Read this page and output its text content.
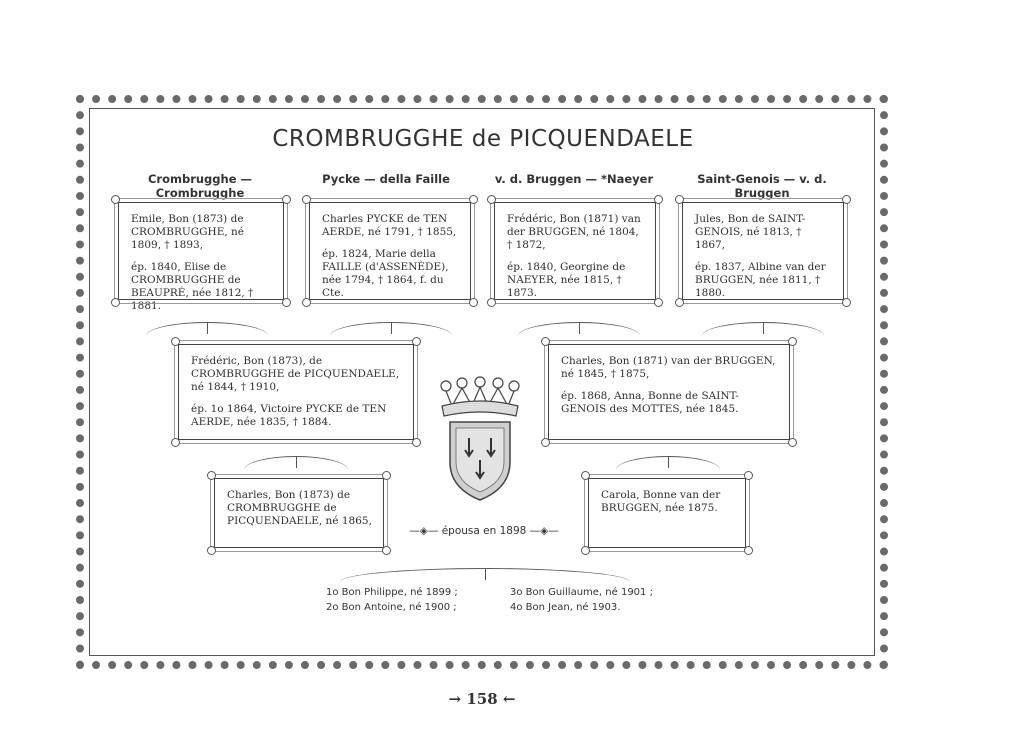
CROMBRUGGHE de PICQUENDAELE
Crombrugghe — Crombrugghe
Pycke — della Faille	v. d. Bruggen — *Naeyer	Saint-Genois — v. d. Bruggen

Emile, Bon (1873) de CROMBRUGGHE, né 1809, † 1893,

ép. 1840, Elise de CROMBRUGGHE de BEAUPRÉ, née 1812, † 1881.

Charles PYCKE de TEN AERDE, né 1791, † 1855,

ép. 1824, Marie della FAILLE (d'ASSENÈDE), née 1794, † 1864, f. du Cte.

Frédéric, Bon (1871) van der BRUGGEN, né 1804, † 1872,

ép. 1840, Georgine de NAEYER, née 1815, † 1873.

Jules, Bon de SAINT-GENOIS, né 1813, † 1867,

ép. 1837, Albine van der BRUGGEN, née 1811, † 1880.

Frédéric, Bon (1873), de CROMBRUGGHE de PICQUENDAELE, né 1844, † 1910,

ép. 1o 1864, Victoire PYCKE de TEN AERDE, née 1835, † 1884.

Charles, Bon (1871) van der BRUGGEN, né 1845, † 1875,

ép. 1868, Anna, Bonne de SAINT-GENOIS des MOTTES, née 1845.

Charles, Bon (1873) de CROMBRUGGHE de PICQUENDAELE, né 1865,

Carola, Bonne van der BRUGGEN, née 1875.

—◈— épousa en 1898 —◈—
1o Bon Philippe, né 1899 ;
2o Bon Antoine, né 1900 ;
3o Bon Guillaume, né 1901 ;
4o Bon Jean, né 1903.
→ 158 ←
